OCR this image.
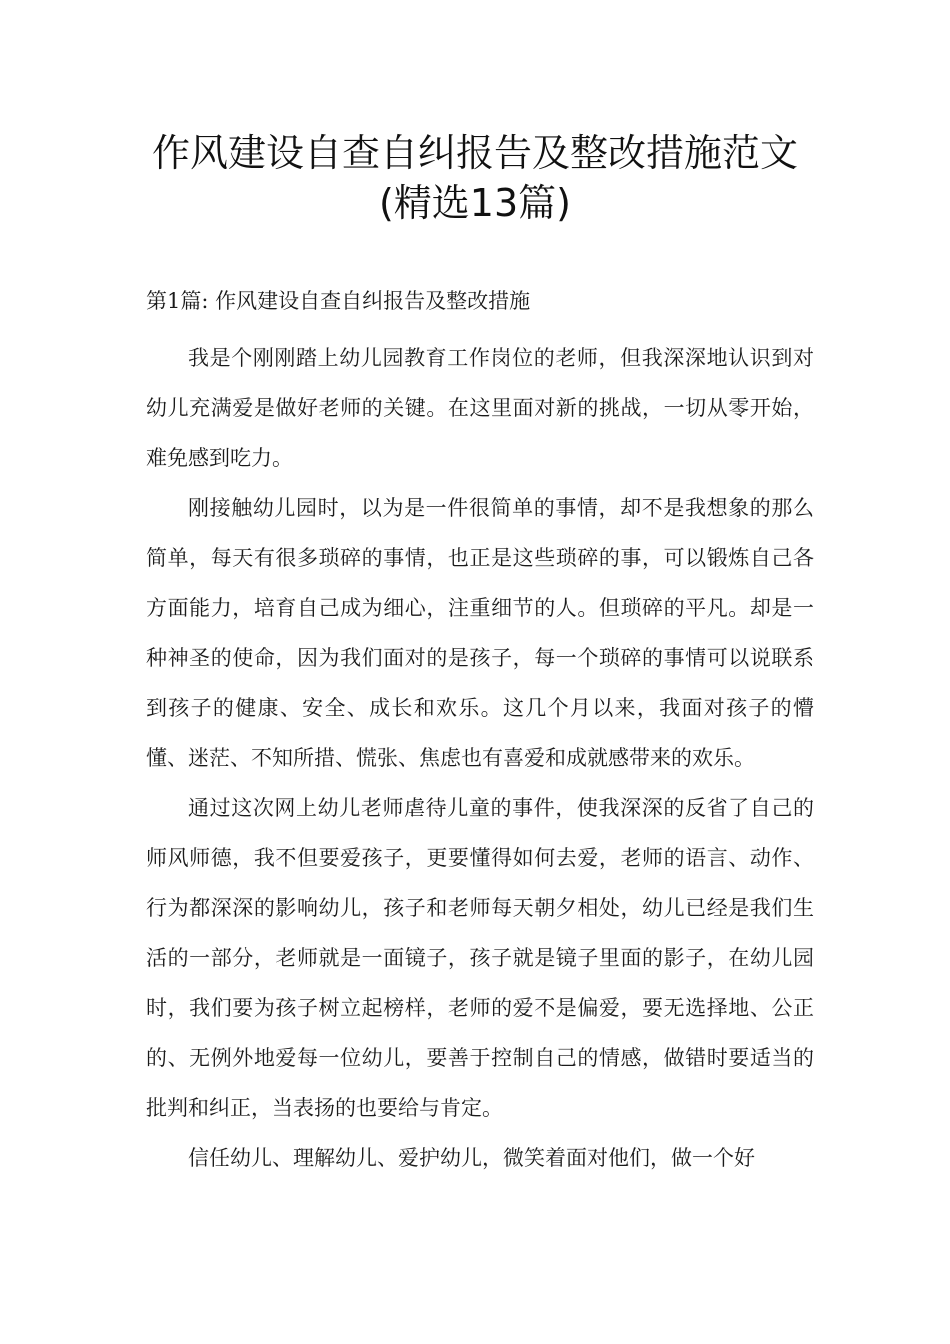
作风建设自查自纠报告及整改措施范文
(精选13篇)
第1篇: 作风建设自查自纠报告及整改措施

我是个刚刚踏上幼儿园教育工作岗位的老师，但我深深地认识到对幼儿充满爱是做好老师的关键。在这里面对新的挑战，一切从零开始，难免感到吃力。

刚接触幼儿园时，以为是一件很简单的事情，却不是我想象的那么简单，每天有很多琐碎的事情，也正是这些琐碎的事，可以锻炼自己各方面能力，培育自己成为细心，注重细节的人。但琐碎的平凡。却是一种神圣的使命，因为我们面对的是孩子，每一个琐碎的事情可以说联系到孩子的健康、安全、成长和欢乐。这几个月以来，我面对孩子的懵懂、迷茫、不知所措、慌张、焦虑也有喜爱和成就感带来的欢乐。

通过这次网上幼儿老师虐待儿童的事件，使我深深的反省了自己的师风师德，我不但要爱孩子，更要懂得如何去爱，老师的语言、动作、行为都深深的影响幼儿，孩子和老师每天朝夕相处，幼儿已经是我们生活的一部分，老师就是一面镜子，孩子就是镜子里面的影子，在幼儿园时，我们要为孩子树立起榜样，老师的爱不是偏爱，要无选择地、公正的、无例外地爱每一位幼儿，要善于控制自己的情感，做错时要适当的批判和纠正，当表扬的也要给与肯定。

信任幼儿、理解幼儿、爱护幼儿，微笑着面对他们，做一个好
